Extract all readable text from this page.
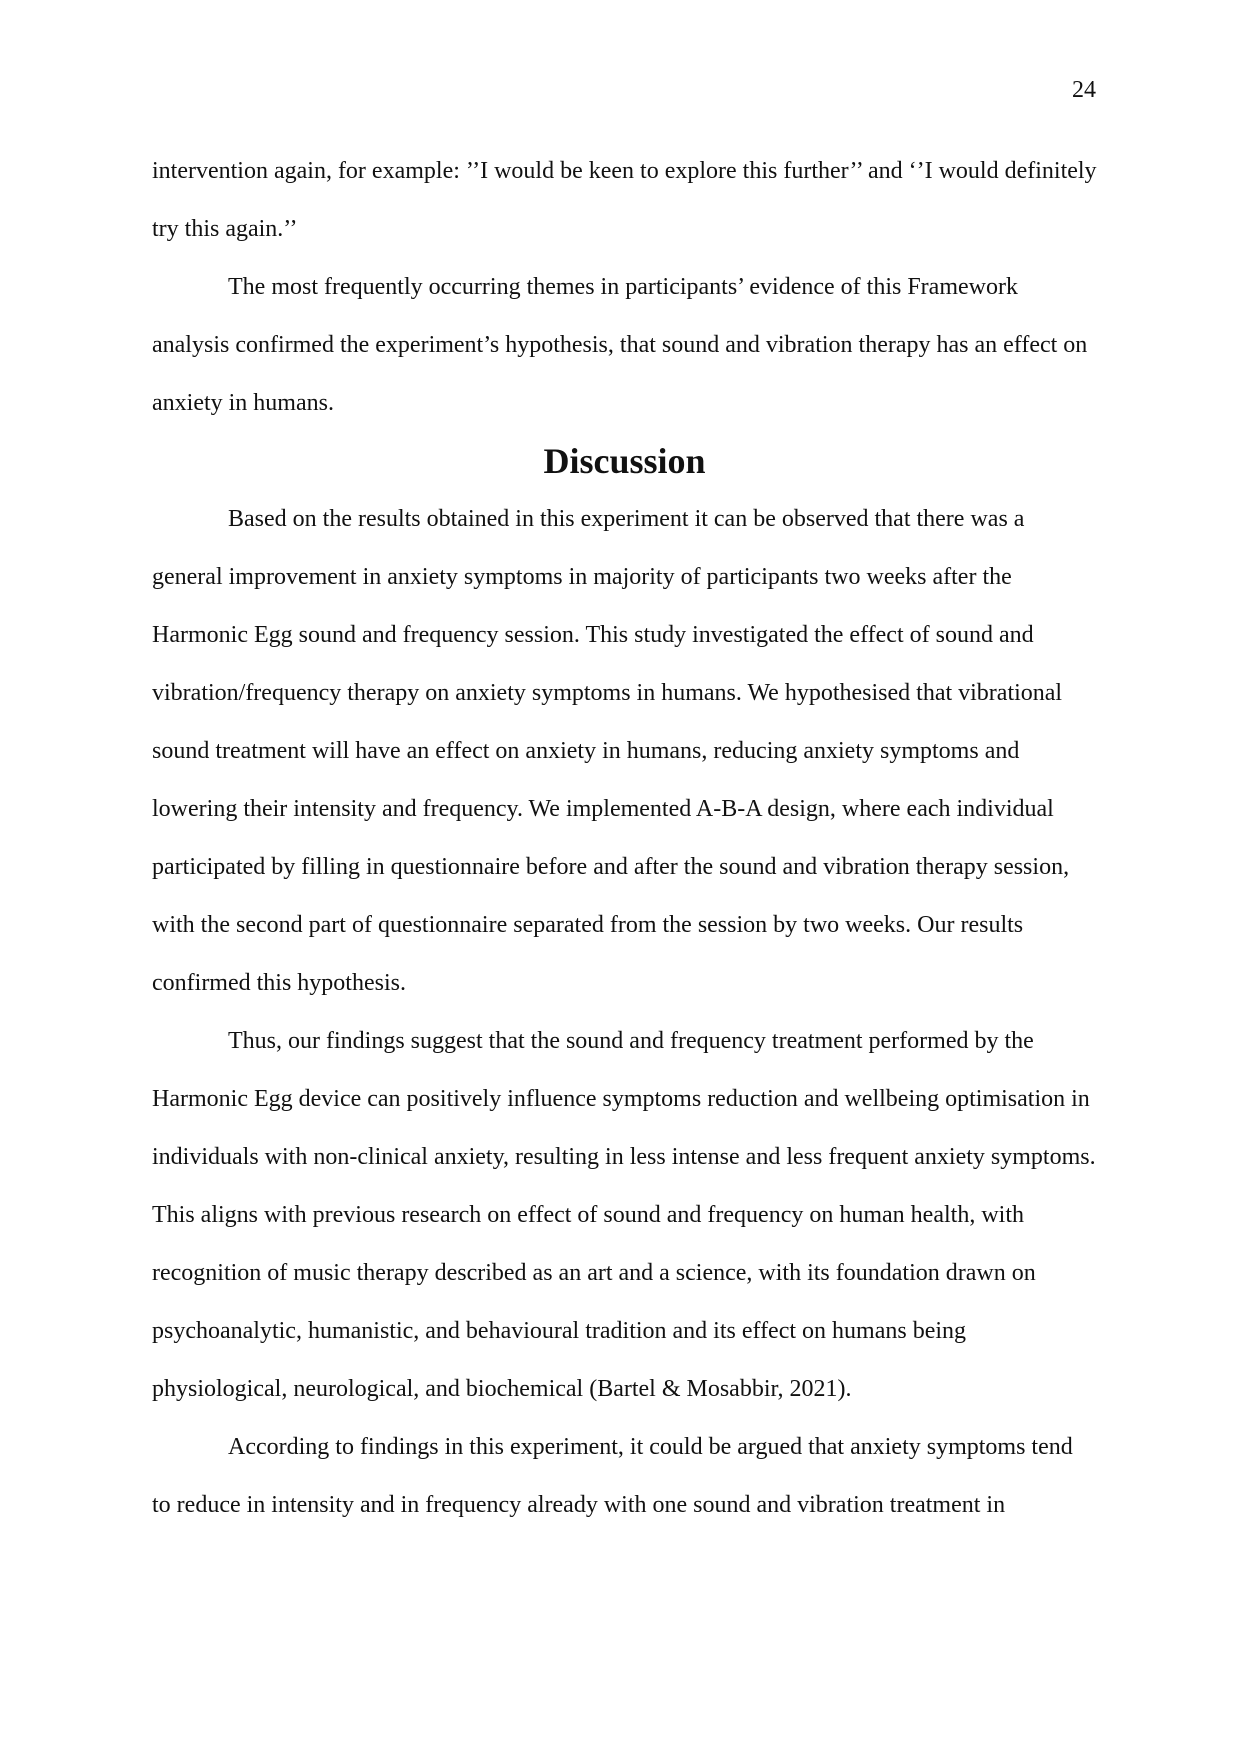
24

intervention again, for example: ’’I would be keen to explore this further’’ and ‘’I would definitely try this again.’’

The most frequently occurring themes in participants’ evidence of this Framework analysis confirmed the experiment’s hypothesis, that sound and vibration therapy has an effect on anxiety in humans.

Discussion

Based on the results obtained in this experiment it can be observed that there was a general improvement in anxiety symptoms in majority of participants two weeks after the Harmonic Egg sound and frequency session. This study investigated the effect of sound and vibration/frequency therapy on anxiety symptoms in humans. We hypothesised that vibrational sound treatment will have an effect on anxiety in humans, reducing anxiety symptoms and lowering their intensity and frequency. We implemented A-B-A design, where each individual participated by filling in questionnaire before and after the sound and vibration therapy session, with the second part of questionnaire separated from the session by two weeks. Our results confirmed this hypothesis.

Thus, our findings suggest that the sound and frequency treatment performed by the Harmonic Egg device can positively influence symptoms reduction and wellbeing optimisation in individuals with non-clinical anxiety, resulting in less intense and less frequent anxiety symptoms. This aligns with previous research on effect of sound and frequency on human health, with recognition of music therapy described as an art and a science, with its foundation drawn on psychoanalytic, humanistic, and behavioural tradition and its effect on humans being physiological, neurological, and biochemical (Bartel & Mosabbir, 2021).

According to findings in this experiment, it could be argued that anxiety symptoms tend to reduce in intensity and in frequency already with one sound and vibration treatment in
